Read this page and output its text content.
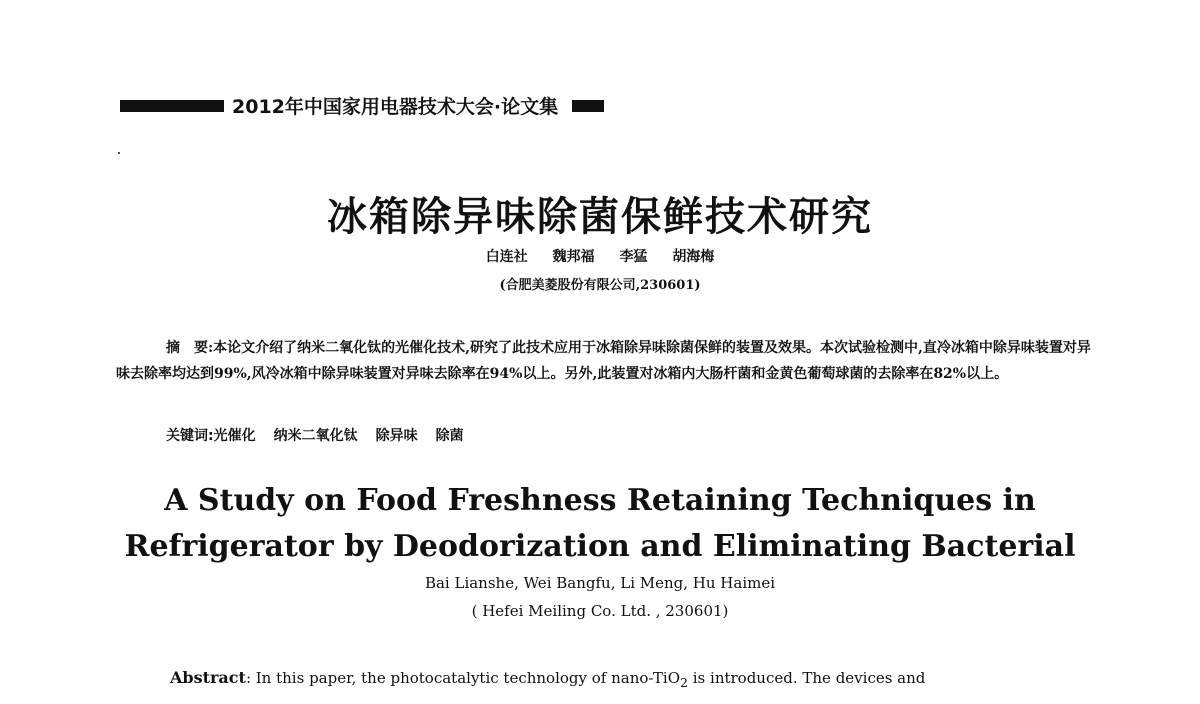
2012年中国家用电器技术大会·论文集
冰箱除异味除菌保鲜技术研究
白连社 魏邦福 李猛 胡海梅
(合肥美菱股份有限公司,230601)
摘　要:本论文介绍了纳米二氧化钛的光催化技术,研究了此技术应用于冰箱除异味除菌保鲜的装置及效果。本次试验检测中,直冷冰箱中除异味装置对异味去除率均达到99%,风冷冰箱中除异味装置对异味去除率在94%以上。另外,此装置对冰箱内大肠杆菌和金黄色葡萄球菌的去除率在82%以上。
关键词:光催化 纳米二氧化钛 除异味 除菌
A Study on Food Freshness Retaining Techniques in
Refrigerator by Deodorization and Eliminating Bacterial
Bai Lianshe, Wei Bangfu, Li Meng, Hu Haimei
( Hefei Meiling Co. Ltd. , 230601)
Abstract: In this paper, the photocatalytic technology of nano-TiO$_2$ is introduced. The devices and
